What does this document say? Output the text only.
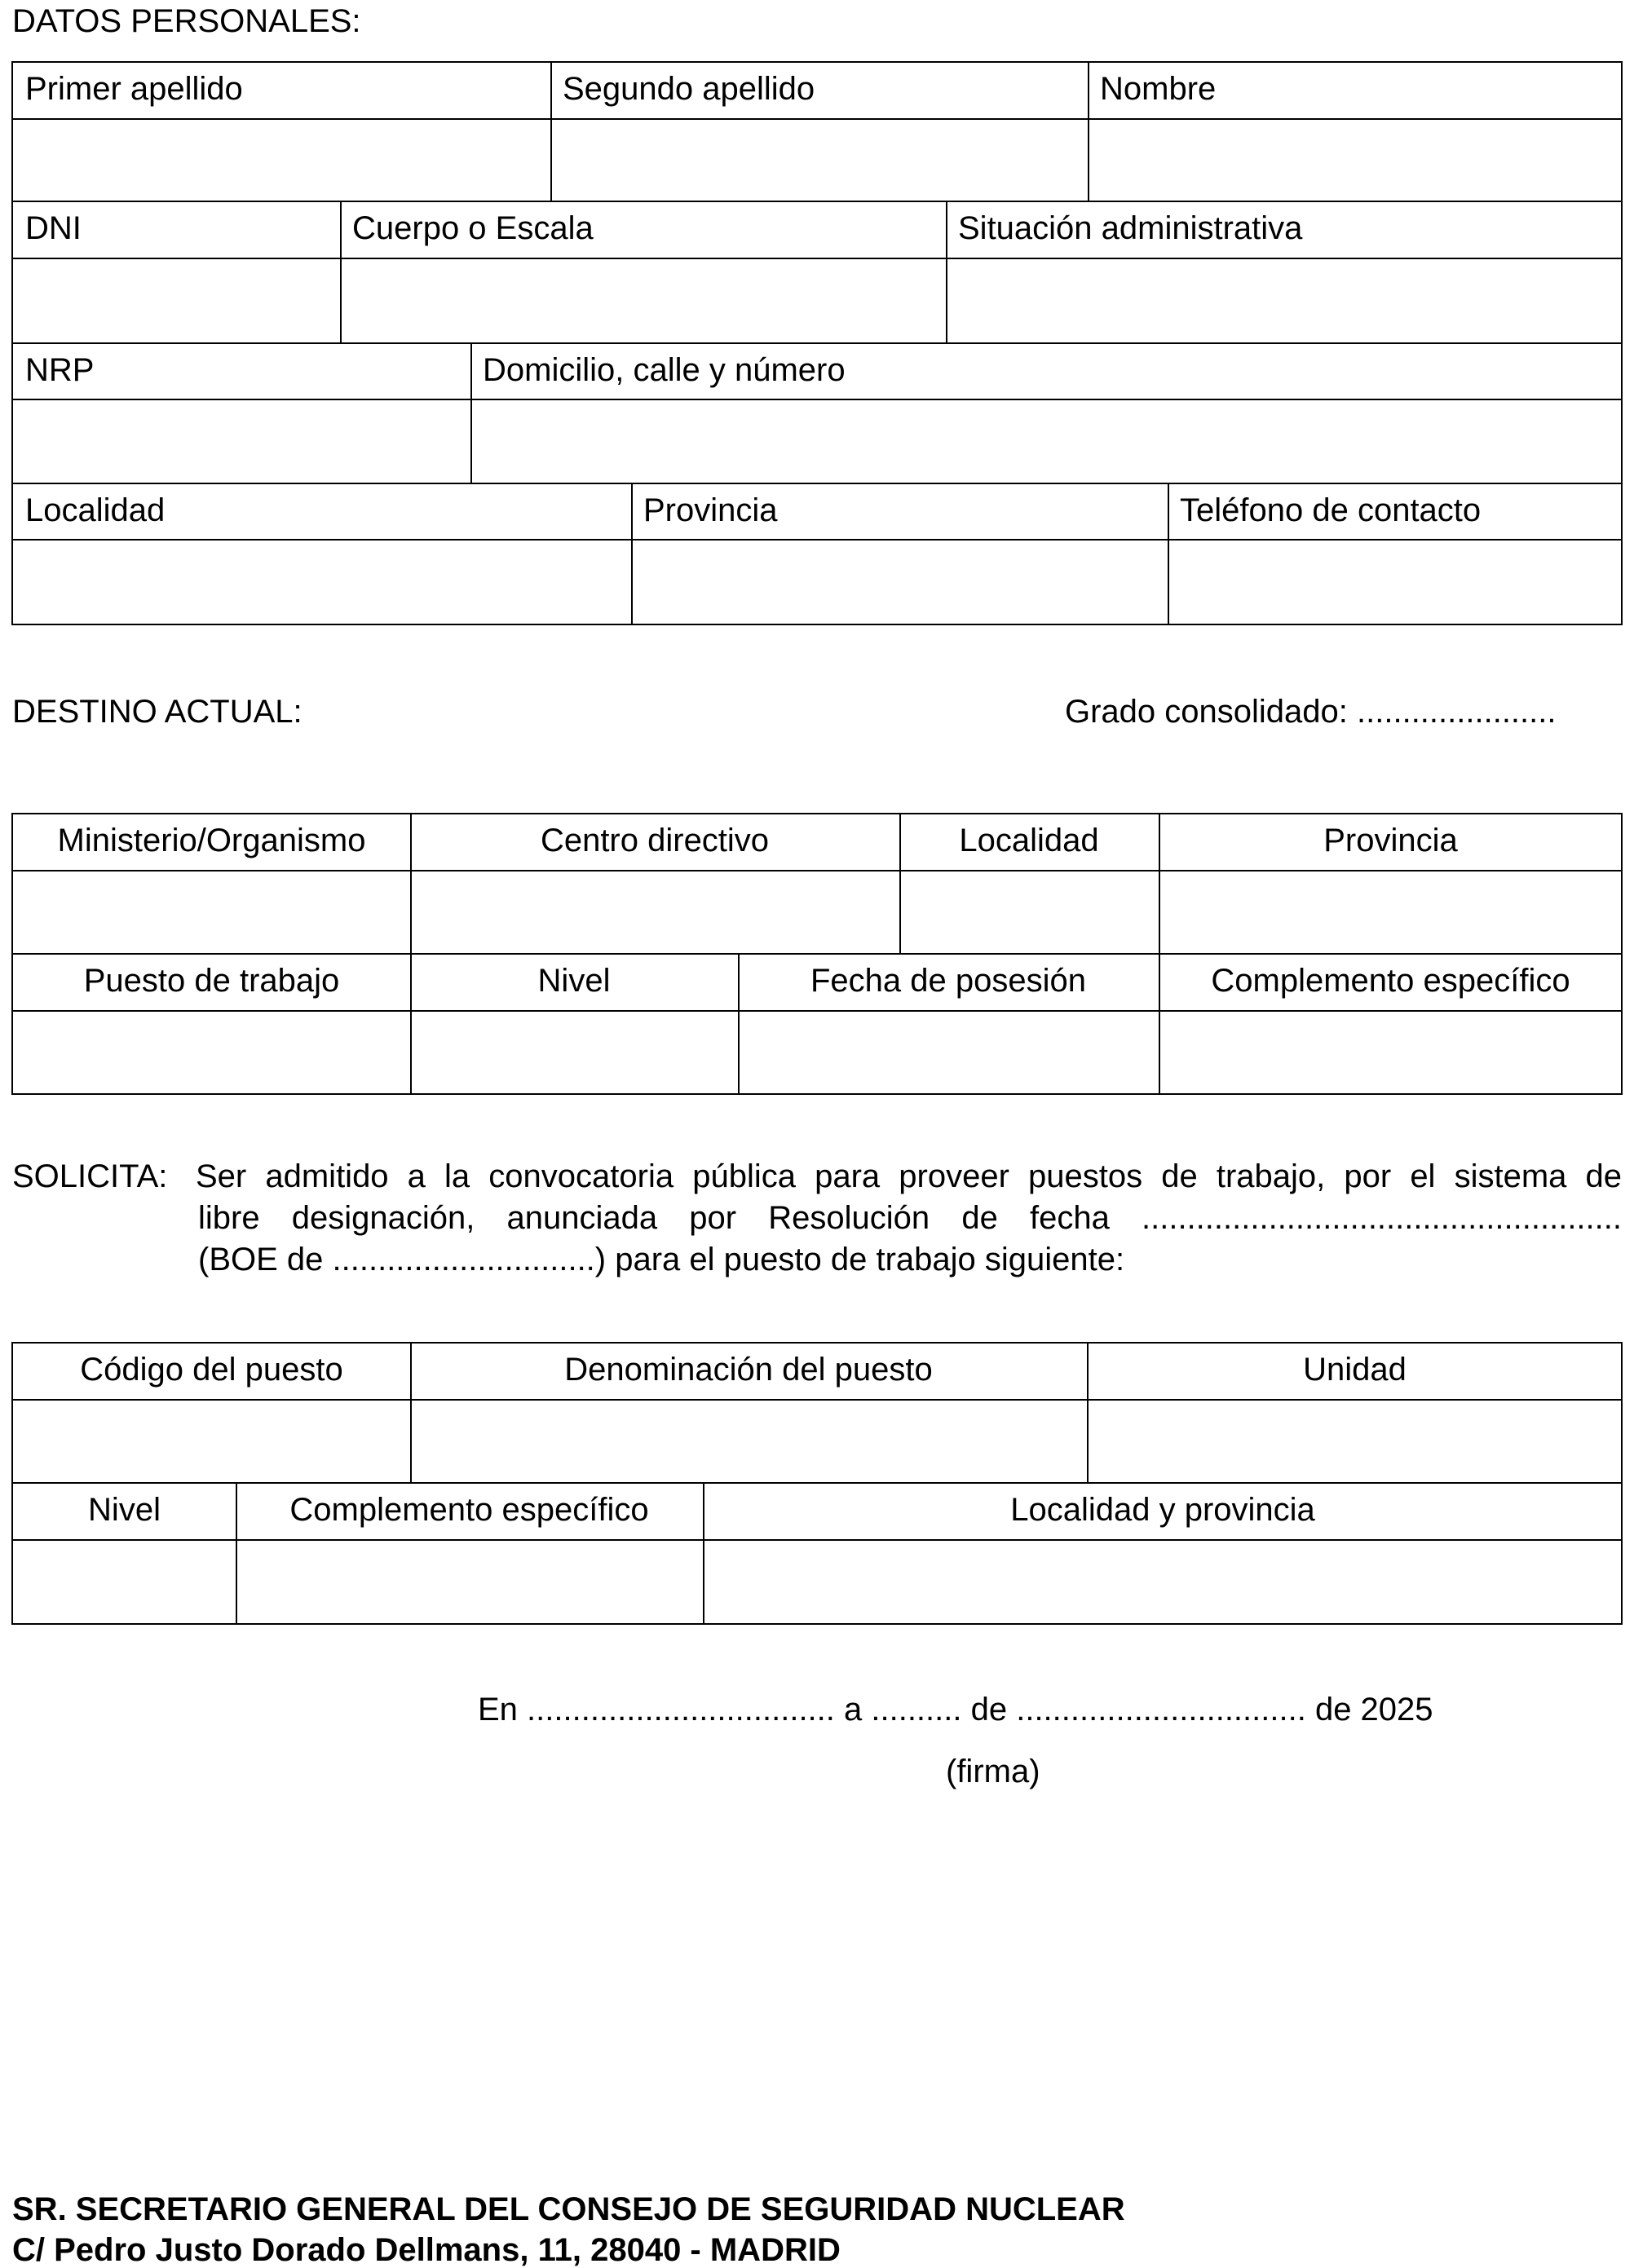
DATOS PERSONALES:
Primer apellido	Segundo apellido	Nombre
DNI	Cuerpo o Escala	Situación administrativa
NRP	Domicilio, calle y número
Localidad	Provincia	Teléfono de contacto
DESTINO ACTUAL:	Grado consolidado: ......................
Ministerio/Organismo	Centro directivo	Localidad	Provincia
Puesto de trabajo	Nivel	Fecha de posesión	Complemento específico
SOLICITA: Ser admitido a la convocatoria pública para proveer puestos de trabajo, por el sistema de
libre designación, anunciada por Resolución de fecha .....................................................
(BOE de .............................) para el puesto de trabajo siguiente:
Código del puesto	Denominación del puesto	Unidad
Nivel	Complemento específico	Localidad y provincia
En .................................. a .......... de ................................ de 2025
(firma)
SR. SECRETARIO GENERAL DEL CONSEJO DE SEGURIDAD NUCLEAR
C/ Pedro Justo Dorado Dellmans, 11, 28040 - MADRID
